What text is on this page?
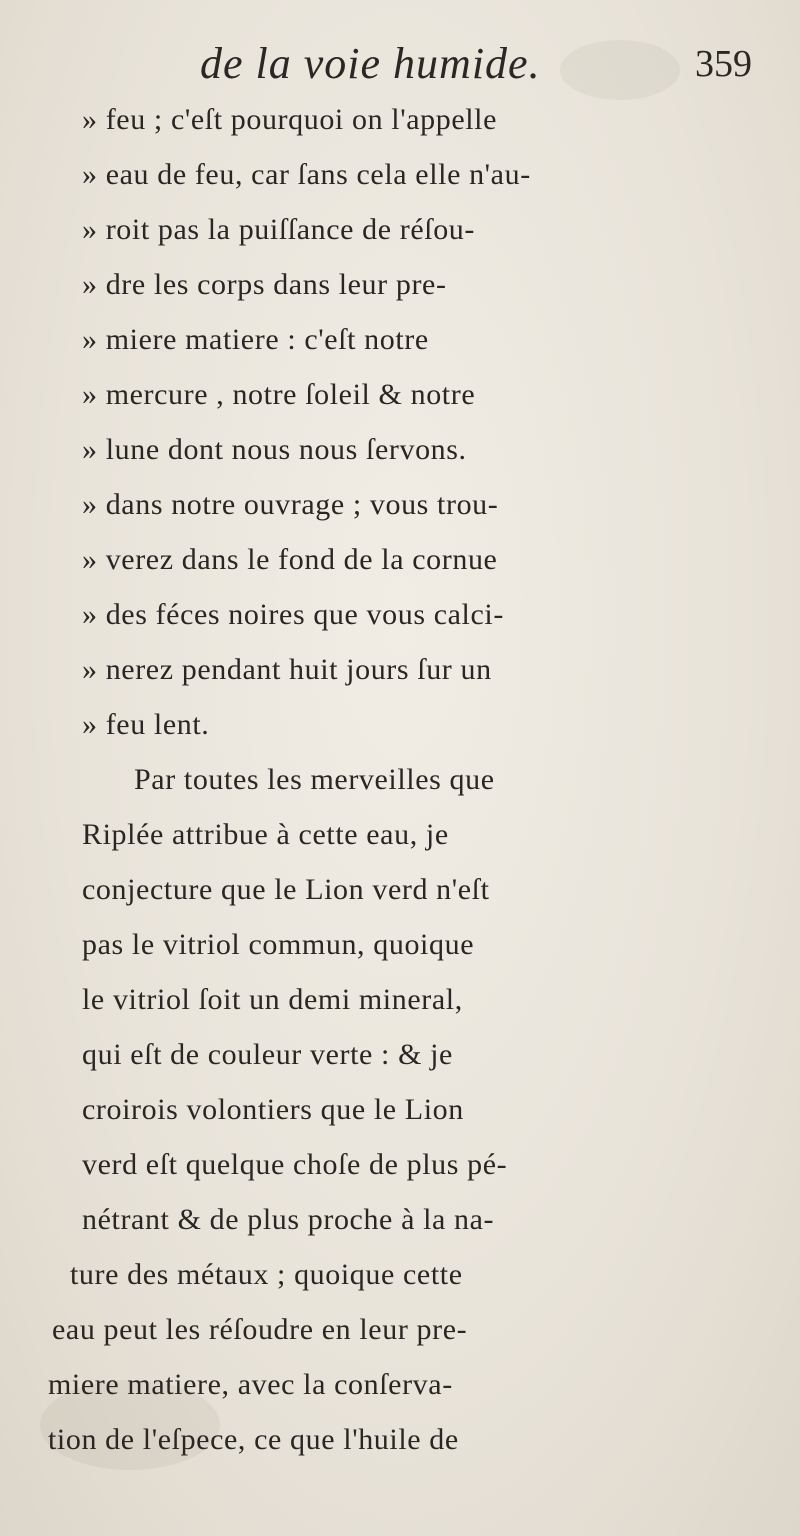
de la voie humide.	359
» feu ; c'eſt pourquoi on l'appelle
» eau de feu, car ſans cela elle n'au-
» roit pas la puiſſance de réſou-
» dre les corps dans leur pre-
» miere matiere : c'eſt notre
» mercure , notre ſoleil & notre
» lune dont nous nous ſervons.
» dans notre ouvrage ; vous trou-
» verez dans le fond de la cornue
» des féces noires que vous calci-
» nerez pendant huit jours ſur un
» feu lent.
Par toutes les merveilles que
Riplée attribue à cette eau, je
conjecture que le Lion verd n'eſt
pas le vitriol commun, quoique
le vitriol ſoit un demi mineral,
qui eſt de couleur verte : & je
croirois volontiers que le Lion
verd eſt quelque choſe de plus pé-
nétrant & de plus proche à la na-
ture des métaux ; quoique cette
eau peut les réſoudre en leur pre-
miere matiere, avec la conſerva-
tion de l'eſpece, ce que l'huile de
